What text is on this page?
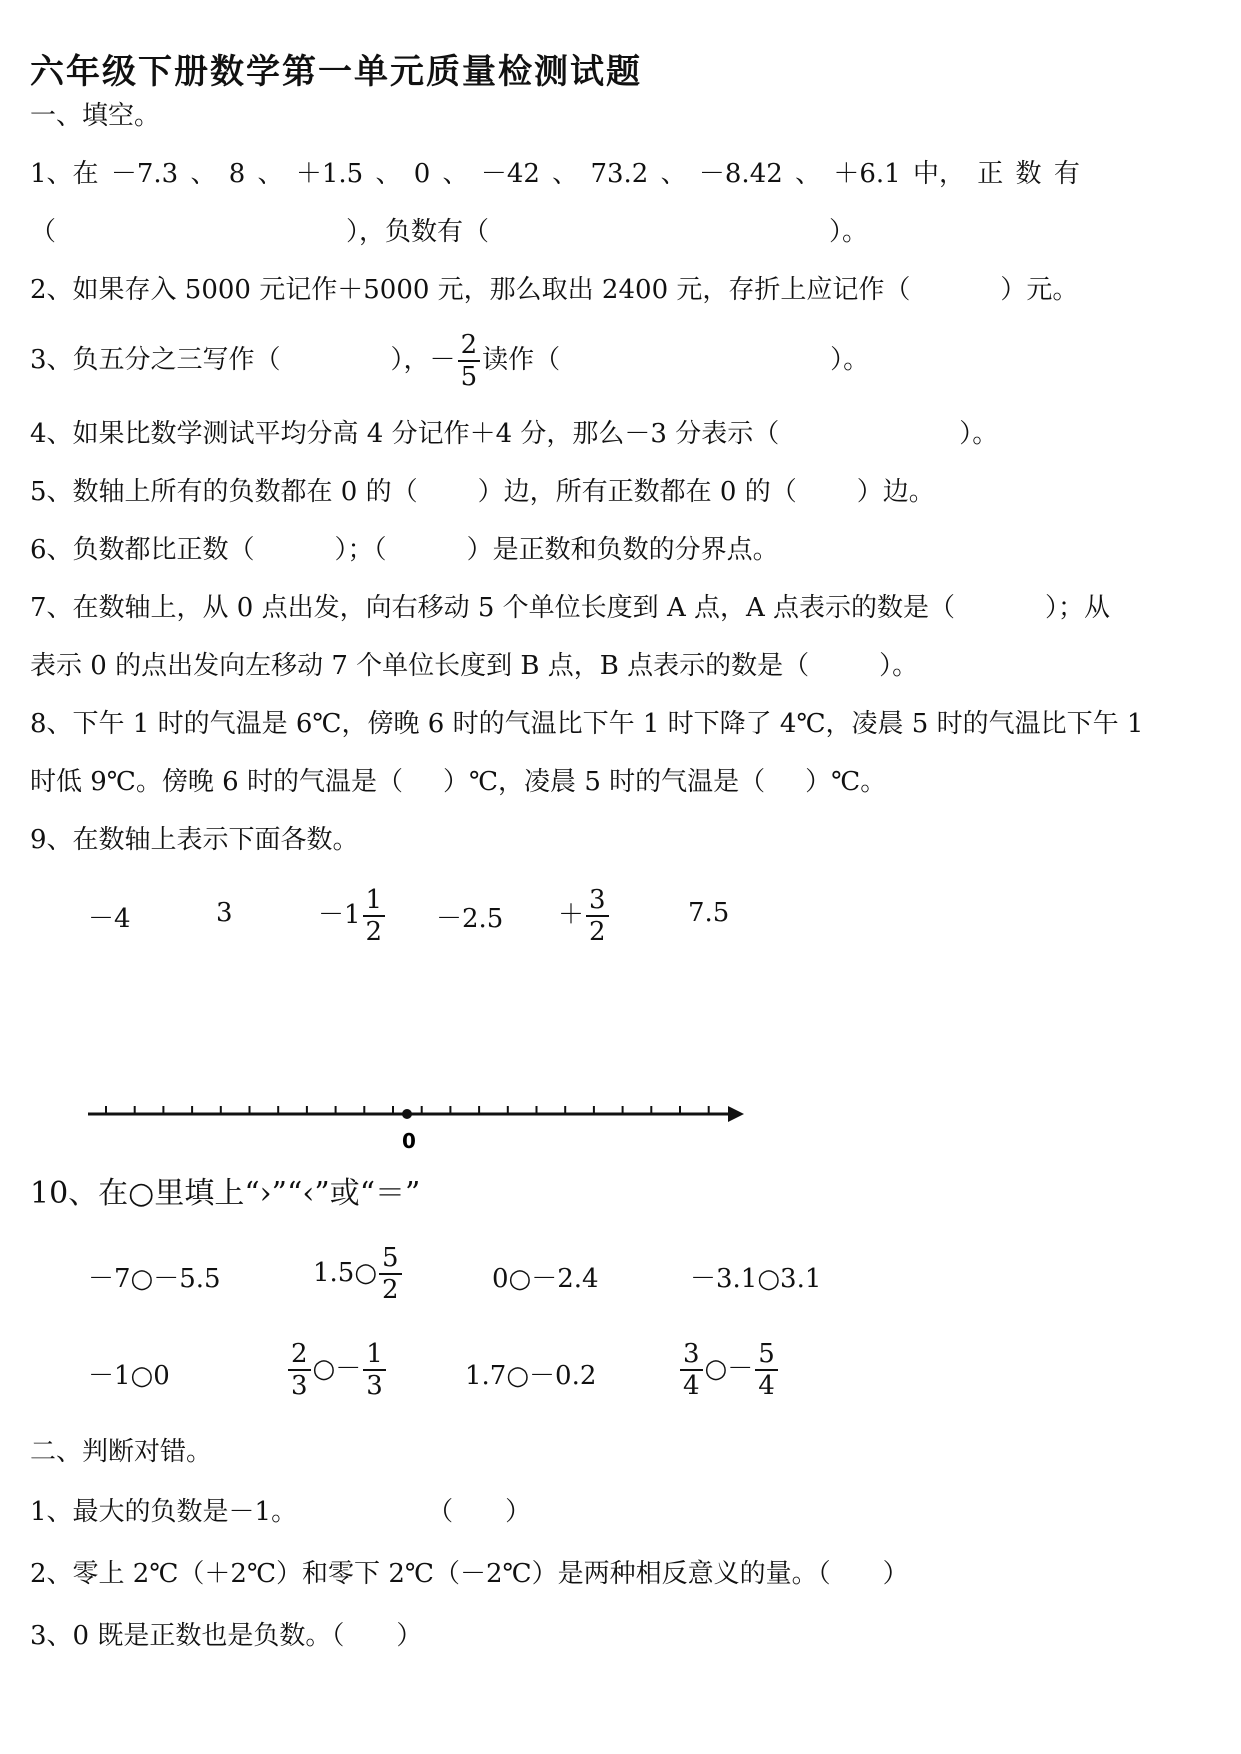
六年级下册数学第一单元质量检测试题
一、填空。
1、在 －7.3 、 8 、 ＋1.5 、 0 、 －42 、 73.2 、 －8.42 、 ＋6.1 中， 正 数 有
（	），负数有（	）。
2、如果存入 5000 元记作＋5000 元，那么取出 2400 元，存折上应记作（	）元。
3、负五分之三写作（	），－ $\frac{2}{5}$ 读作（	）。
4、如果比数学测试平均分高 4 分记作＋4 分，那么－3 分表示（	）。
5、数轴上所有的负数都在 0 的（ ）边，所有正数都在 0 的（ ）边。
6、负数都比正数（	）；（	）是正数和负数的分界点。
7、在数轴上，从 0 点出发，向右移动 5 个单位长度到 A 点，A 点表示的数是（	）；从
表示 0 的点出发向左移动 7 个单位长度到 B 点，B 点表示的数是（	）。
8、下午 1 时的气温是 6℃，傍晚 6 时的气温比下午 1 时下降了 4℃，凌晨 5 时的气温比下午 1
时低 9℃。傍晚 6 时的气温是（ ）℃，凌晨 5 时的气温是（ ）℃。
9、在数轴上表示下面各数。
－4	3	$-1 \frac{1}{2} -2.5 + \frac{3}{2}$	7.5
0
10、在○里填上“›”“‹”或“＝”
－7○－5.5	1.5○ $\frac{5}{2}$	0○－2.4	－3.1○3.1
－1○0	$\frac{2}{3}$ ○－ $\frac{1}{3}$	1.7○－0.2	$\frac{3}{4}$ ○－ $\frac{5}{4}$
二、判断对错。
1、最大的负数是－1。	（　　）
2、零上 2℃（＋2℃）和零下 2℃（－2℃）是两种相反意义的量。（　　）
3、0 既是正数也是负数。（　　）
